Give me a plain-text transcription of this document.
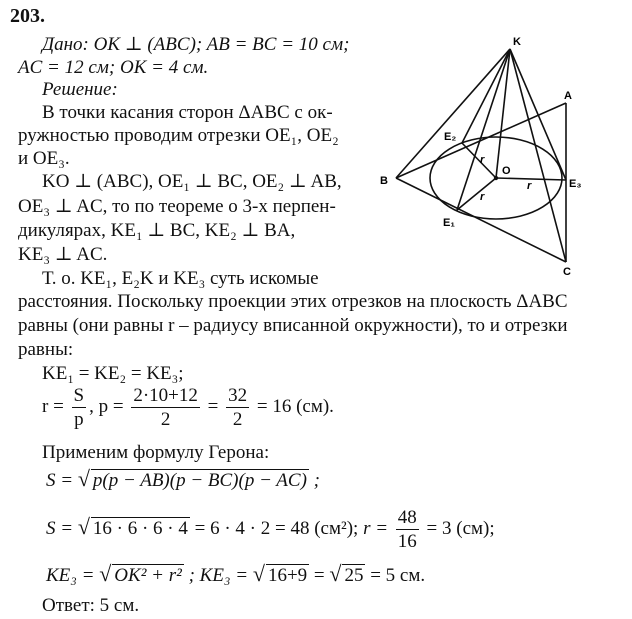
203.
Дано: OK ⊥ (ABC); AB = BC = 10 см;
AC = 12 см; OK = 4 см.
Решение:
В точки касания сторон ΔABC с ок-
ружностью проводим отрезки OE₁, OE₂
и OE₃.
KO ⊥ (ABC), OE₁ ⊥ BC, OE₂ ⊥ AB,
OE₃ ⊥ AC, то по теореме о 3-х перпен-
дикулярах, KE₁ ⊥ BC, KE₂ ⊥ BA,
KE₃ ⊥ AC.
Т. о. KE₁, E₂K и KE₃ суть искомые
расстояния. Поскольку проекции этих отрезков на плоскость ΔABC
равны (они равны r – радиусу вписанной окружности), то и отрезки
равны:
KE₁ = KE₂ = KE₃;
$r = \frac{S}{p}$ , $p = \frac{2\cdot 10+12}{2} = \frac{32}{2} = 16$ (см).
Применим формулу Герона:
S = √ p(p − AB)(p − BC)(p − AC) ;
S = √ 16 · 6 · 6 · 4 = 6 · 4 · 2 = 48 (см²); $r = \frac{48}{16} = 3$ (см);
KE₃ = √ OK² + r² ; KE₃ = √ 16+9 = √ 25 = 5 см.
Ответ: 5 см.
K
A
B
C
O
E₂
E₁
E₃
r
r
r
